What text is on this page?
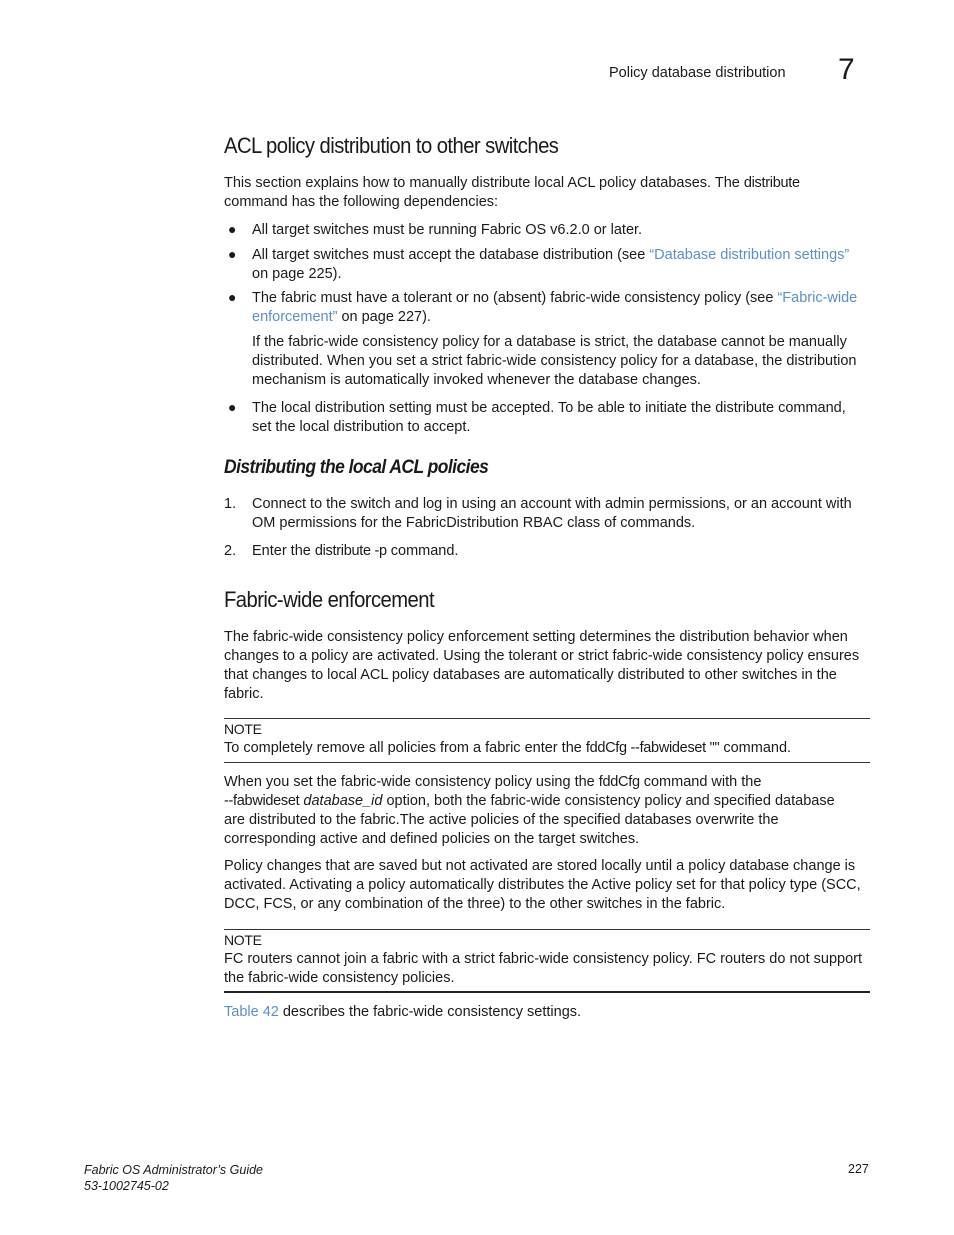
Policy database distribution 7
ACL policy distribution to other switches
This section explains how to manually distribute local ACL policy databases. The distribute
command has the following dependencies:
● All target switches must be running Fabric OS v6.2.0 or later.
● All target switches must accept the database distribution (see “Database distribution settings”
on page 225).
● The fabric must have a tolerant or no (absent) fabric-wide consistency policy (see “Fabric-wide
enforcement” on page 227).
If the fabric-wide consistency policy for a database is strict, the database cannot be manually
distributed. When you set a strict fabric-wide consistency policy for a database, the distribution
mechanism is automatically invoked whenever the database changes.
● The local distribution setting must be accepted. To be able to initiate the distribute command,
set the local distribution to accept.
Distributing the local ACL policies
1. Connect to the switch and log in using an account with admin permissions, or an account with
OM permissions for the FabricDistribution RBAC class of commands.
2. Enter the distribute -p command.
Fabric-wide enforcement
The fabric-wide consistency policy enforcement setting determines the distribution behavior when
changes to a policy are activated. Using the tolerant or strict fabric-wide consistency policy ensures
that changes to local ACL policy databases are automatically distributed to other switches in the
fabric.
NOTE
To completely remove all policies from a fabric enter the fddCfg --fabwideset "" command.
When you set the fabric-wide consistency policy using the fddCfg command with the
--fabwideset database_id option, both the fabric-wide consistency policy and specified database
are distributed to the fabric.The active policies of the specified databases overwrite the
corresponding active and defined policies on the target switches.
Policy changes that are saved but not activated are stored locally until a policy database change is
activated. Activating a policy automatically distributes the Active policy set for that policy type (SCC,
DCC, FCS, or any combination of the three) to the other switches in the fabric.
NOTE
FC routers cannot join a fabric with a strict fabric-wide consistency policy. FC routers do not support
the fabric-wide consistency policies.
Table 42 describes the fabric-wide consistency settings.
Fabric OS Administrator’s Guide
53-1002745-02
227
